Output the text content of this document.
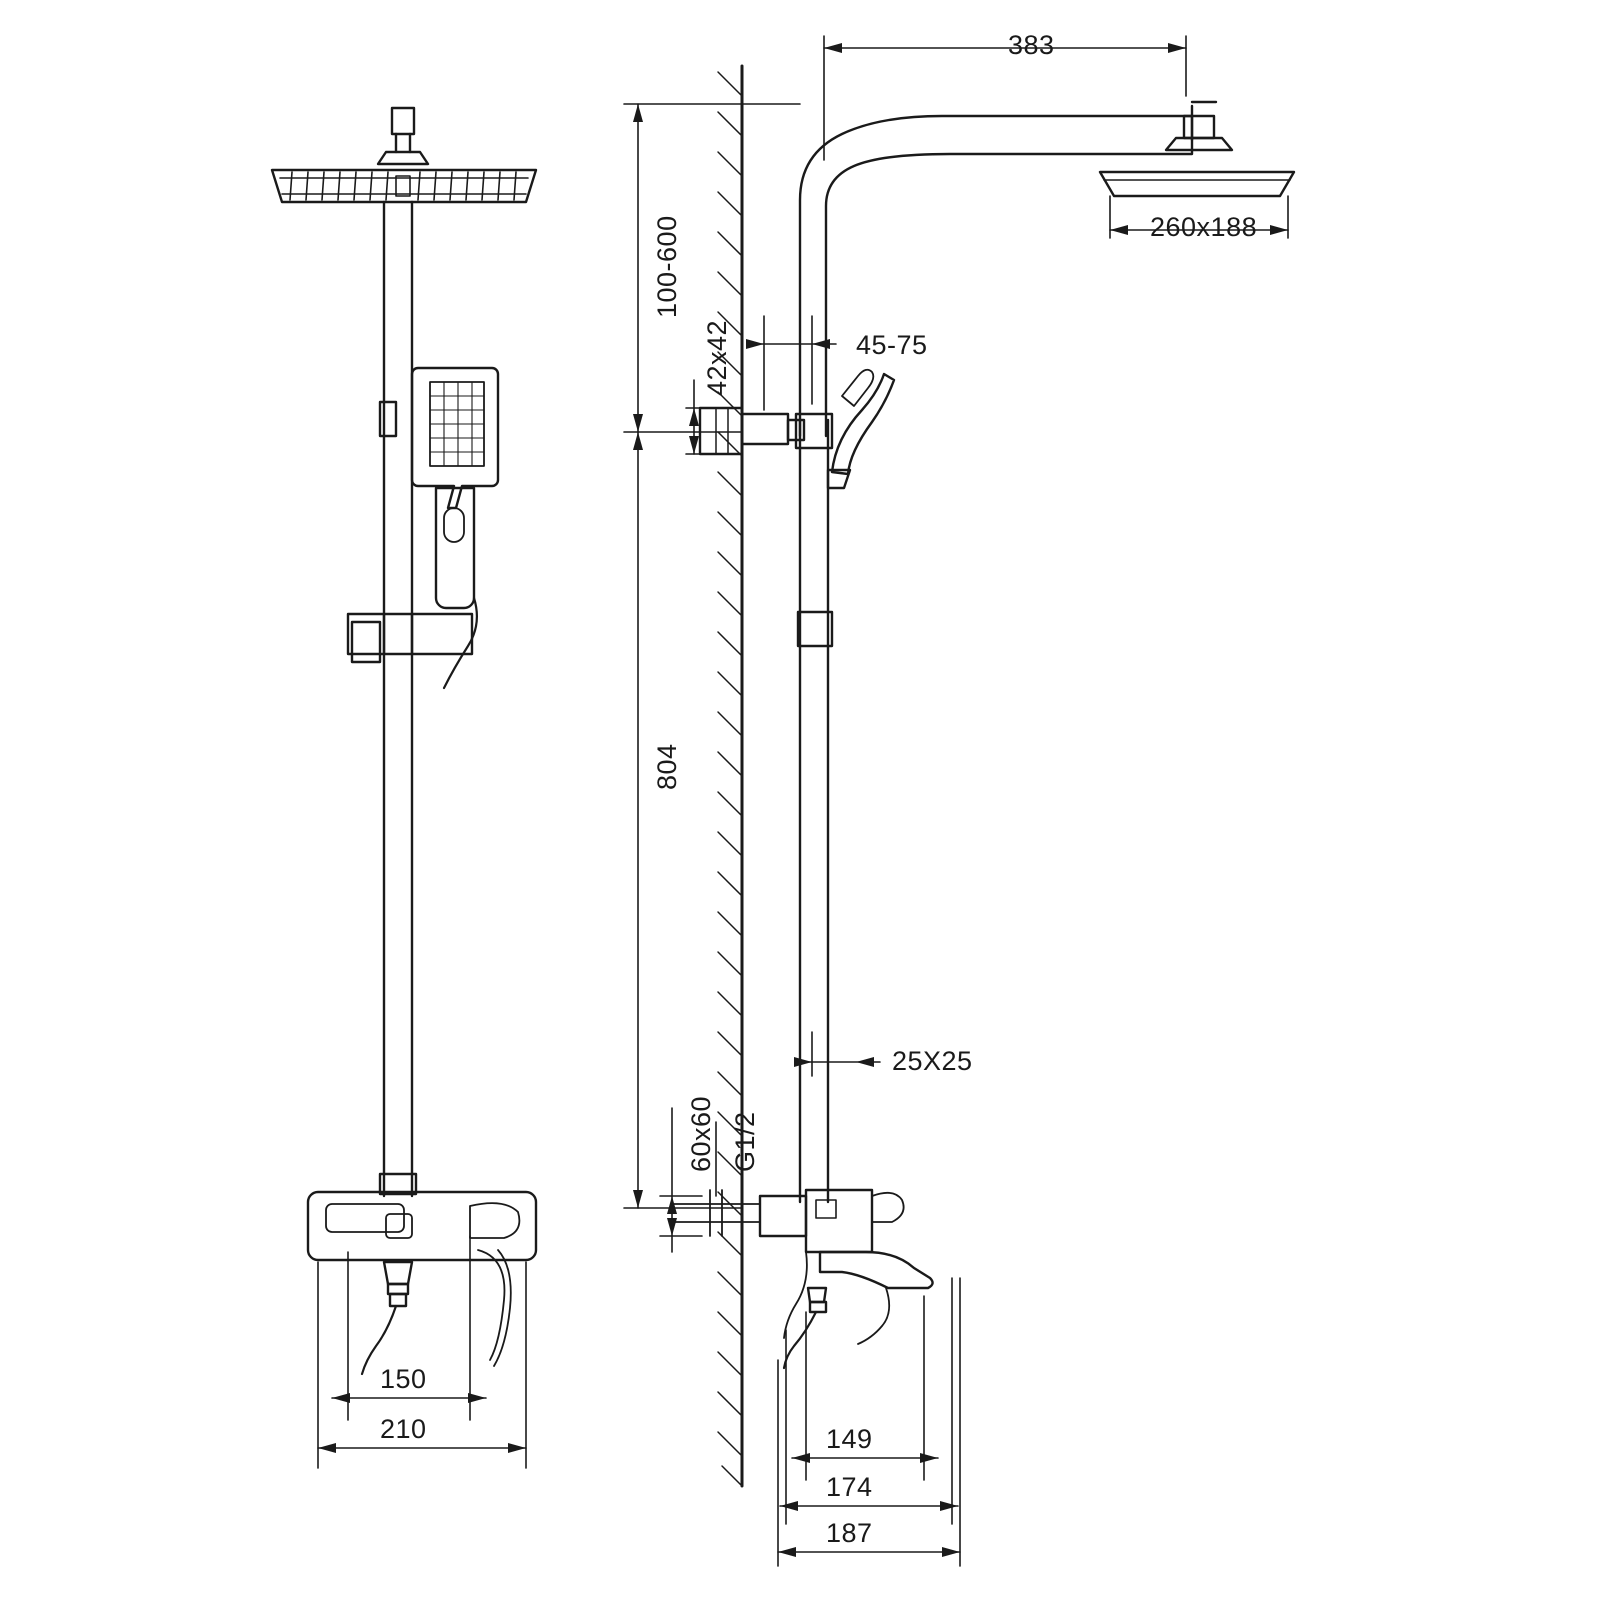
383
260x188
100-600
42x42	45-75
804
25X25
60x60 G1/2
150
210	149
174
187
